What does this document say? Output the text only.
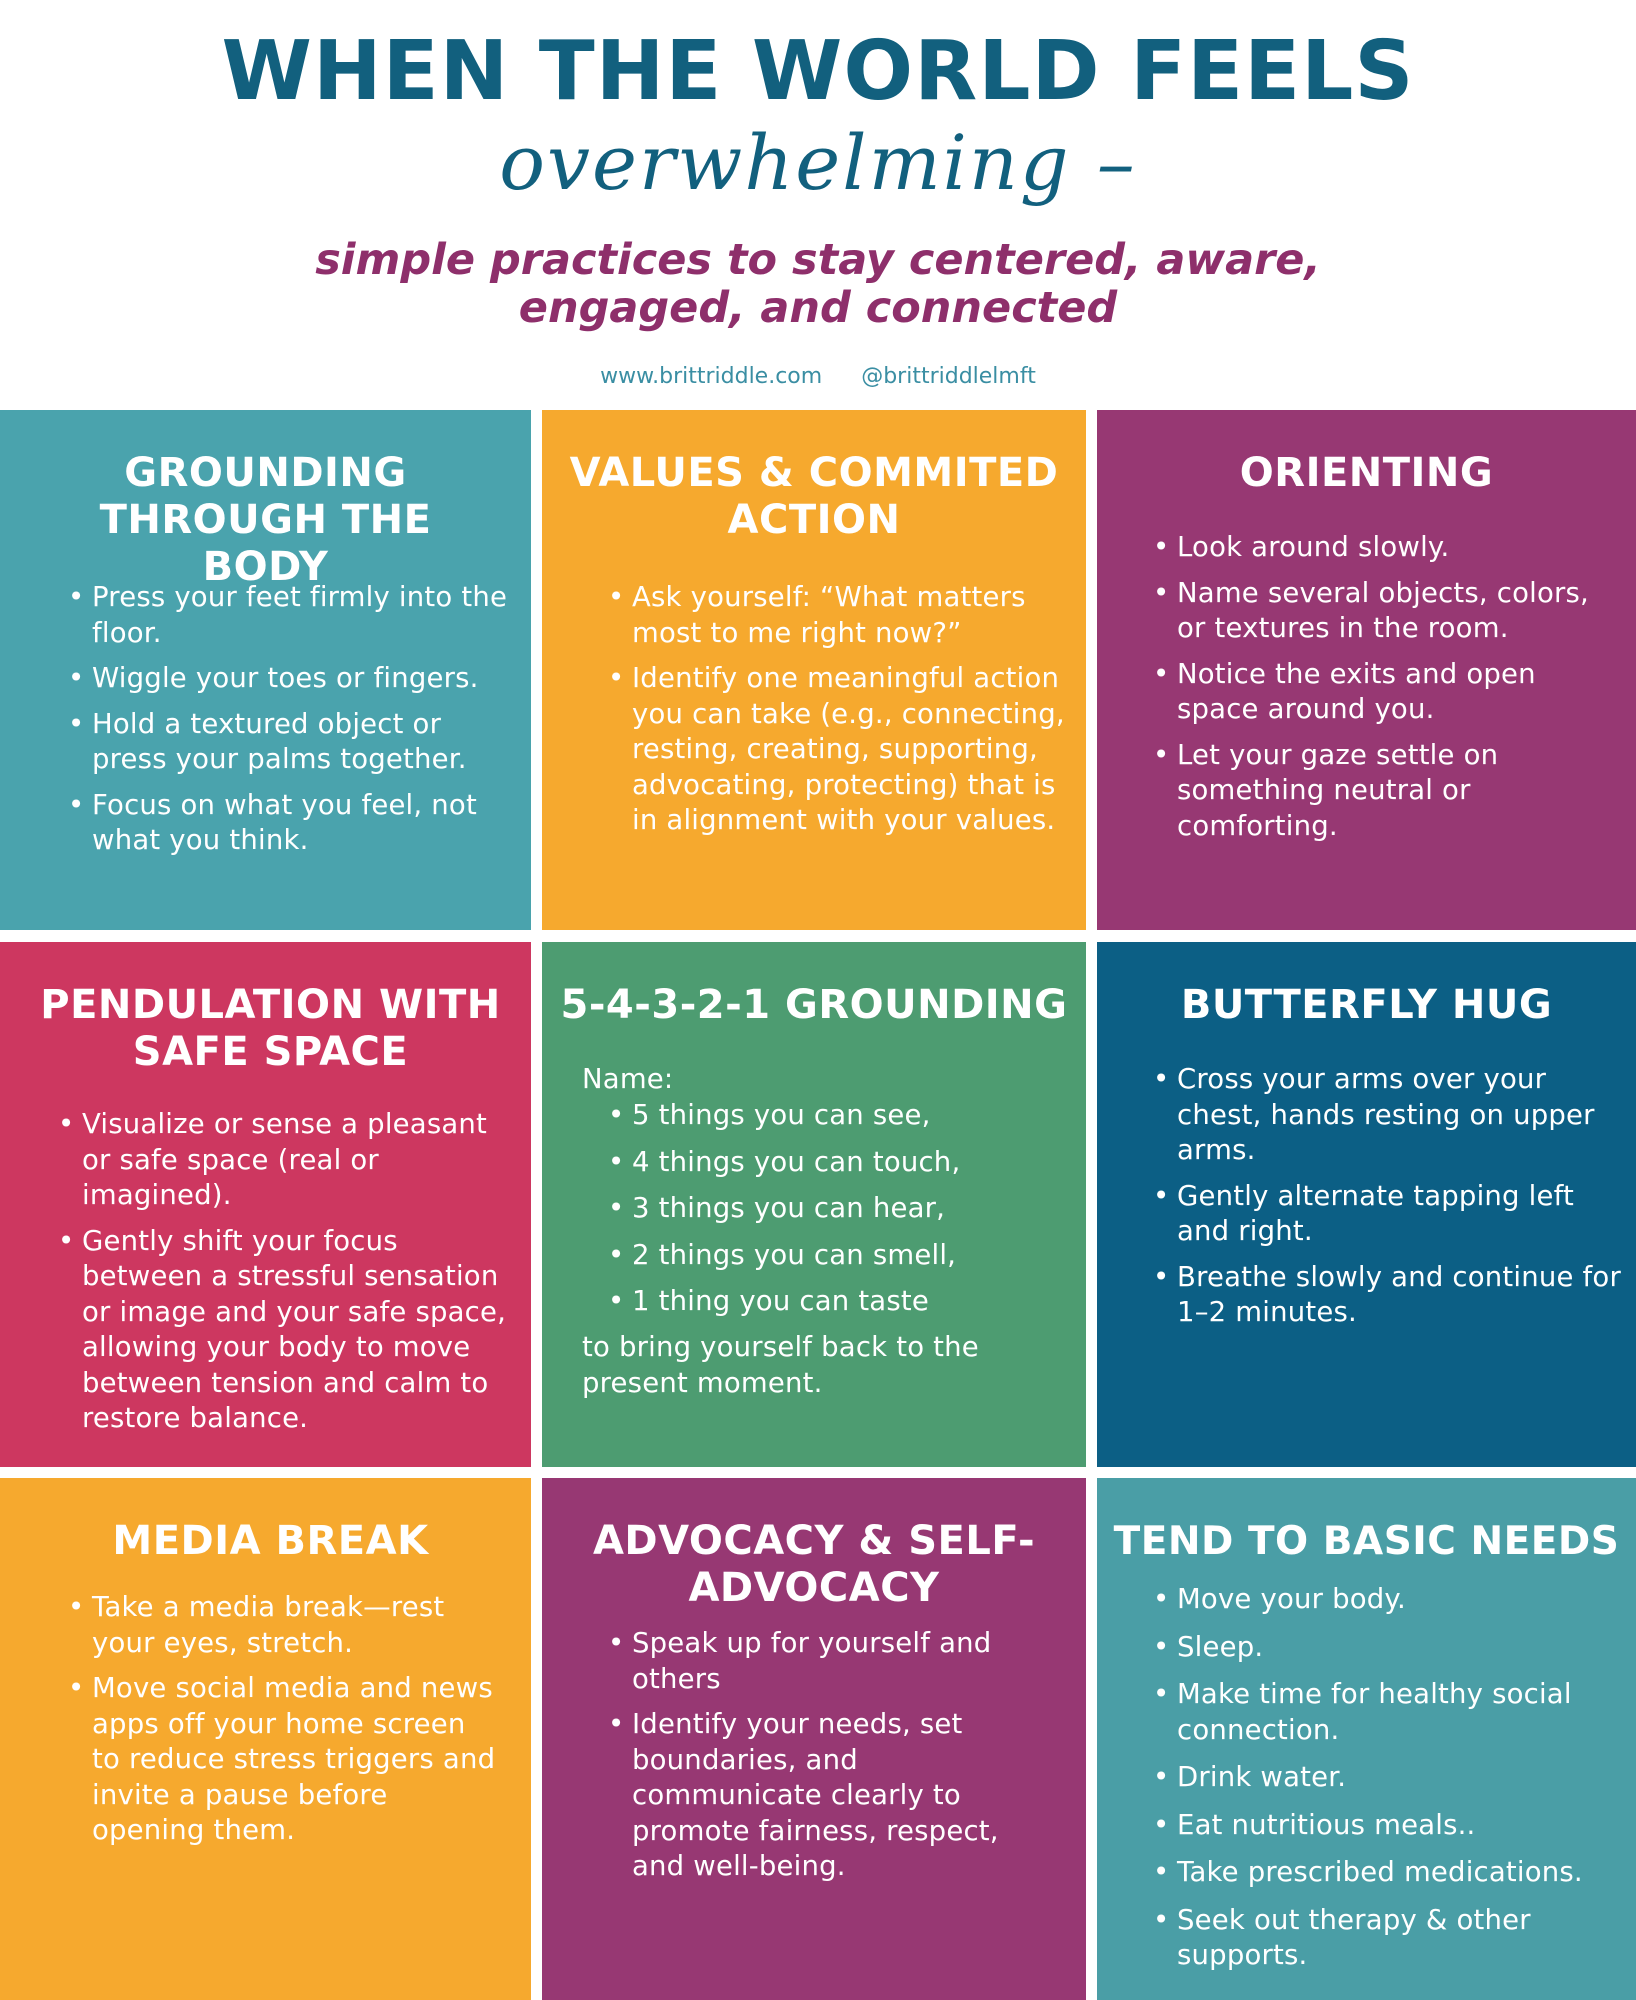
WHEN THE WORLD FEELS
overwhelming –
simple practices to stay centered, aware, engaged, and connected
www.brittriddle.com @brittriddlelmft
GROUNDING THROUGH THE BODY
• Press your feet firmly into the floor.
• Wiggle your toes or fingers.
• Hold a textured object or press your palms together.
• Focus on what you feel, not what you think.
VALUES & COMMITED ACTION
• Ask yourself: “What matters most to me right now?”
• Identify one meaningful action you can take (e.g., connecting, resting, creating, supporting, advocating, protecting) that is in alignment with your values.
ORIENTING
• Look around slowly.
• Name several objects, colors, or textures in the room.
• Notice the exits and open space around you.
• Let your gaze settle on something neutral or comforting.
PENDULATION WITH SAFE SPACE
• Visualize or sense a pleasant or safe space (real or imagined).
• Gently shift your focus between a stressful sensation or image and your safe space, allowing your body to move between tension and calm to restore balance.
5-4-3-2-1 GROUNDING

Name:

• 5 things you can see,
• 4 things you can touch,
• 3 things you can hear,
• 2 things you can smell,
• 1 thing you can taste

to bring yourself back to the present moment.

BUTTERFLY HUG
• Cross your arms over your chest, hands resting on upper arms.
• Gently alternate tapping left and right.
• Breathe slowly and continue for 1–2 minutes.
MEDIA BREAK
• Take a media break—rest your eyes, stretch.
• Move social media and news apps off your home screen to reduce stress triggers and invite a pause before opening them.
ADVOCACY & SELF-ADVOCACY
• Speak up for yourself and others
• Identify your needs, set boundaries, and communicate clearly to promote fairness, respect, and well-being.
TEND TO BASIC NEEDS
• Move your body.
• Sleep.
• Make time for healthy social connection.
• Drink water.
• Eat nutritious meals..
• Take prescribed medications.
• Seek out therapy & other supports.
